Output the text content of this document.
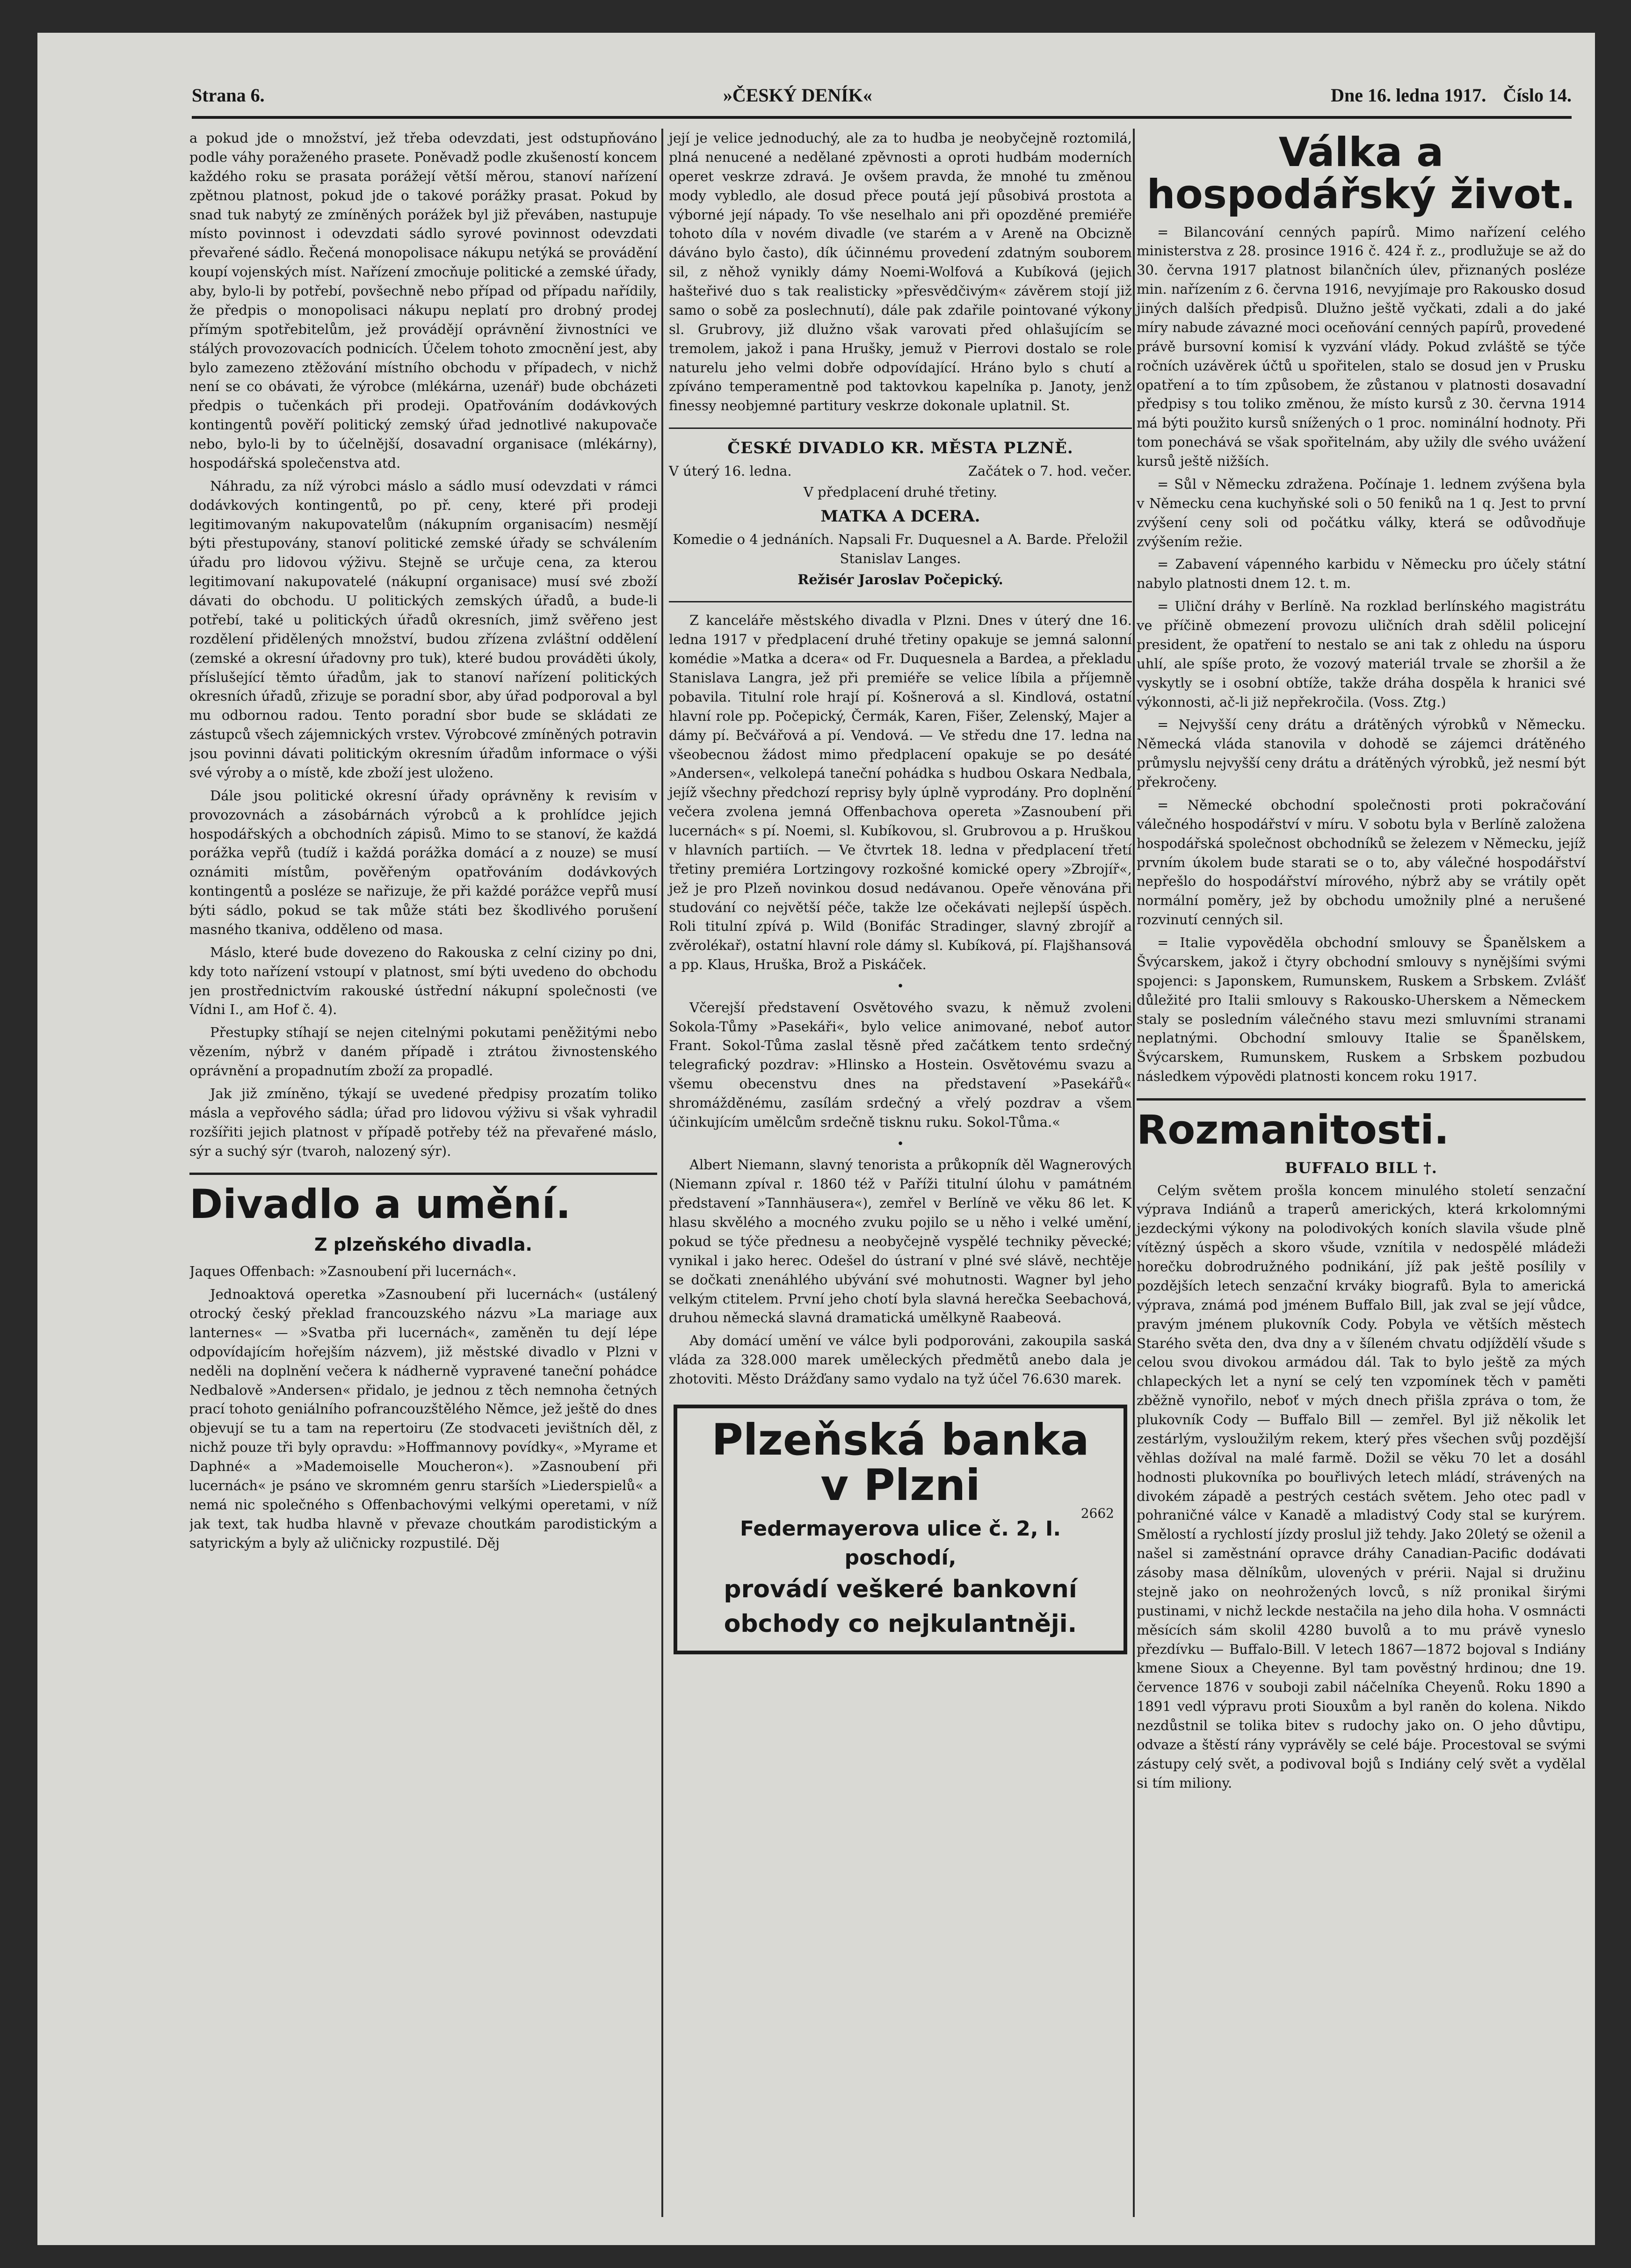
Strana 6.	»ČESKÝ DENÍK«	Dne 16. ledna 1917. Číslo 14.

a pokud jde o množství, jež třeba odevzdati, jest odstupňováno podle váhy poraženého prasete. Poněvadž podle zkušeností koncem každého roku se prasata porážejí větší měrou, stanoví nařízení zpětnou platnost, pokud jde o takové porážky prasat. Pokud by snad tuk nabytý ze zmíněných porážek byl již převáben, nastupuje místo povinnost i odevzdati sádlo syrové povinnost odevzdati převařené sádlo. Řečená monopolisace nákupu netýká se provádění koupí vojenských míst. Nařízení zmocňuje politické a zemské úřady, aby, bylo-li by potřebí, povšechně nebo případ od případu nařídily, že předpis o monopolisaci nákupu neplatí pro drobný prodej přímým spotřebitelům, jež provádějí oprávnění živnostníci ve stálých provozovacích podnicích. Účelem tohoto zmocnění jest, aby bylo zamezeno ztěžování místního obchodu v případech, v nichž není se co obávati, že výrobce (mlékárna, uzenář) bude obcházeti předpis o tučenkách při prodeji. Opatřováním dodávkových kontingentů pověří politický zemský úřad jednotlivé nakupovače nebo, bylo-li by to účelnější, dosavadní organisace (mlékárny), hospodářská společenstva atd.

Náhradu, za níž výrobci máslo a sádlo musí odevzdati v rámci dodávkových kontingentů, po př. ceny, které při prodeji legitimovaným nakupovatelům (nákupním organisacím) nesmějí býti přestupovány, stanoví politické zemské úřady se schválením úřadu pro lidovou výživu. Stejně se určuje cena, za kterou legitimovaní nakupovatelé (nákupní organisace) musí své zboží dávati do obchodu. U politických zemských úřadů, a bude-li potřebí, také u politických úřadů okresních, jimž svěřeno jest rozdělení přidělených množství, budou zřízena zvláštní oddělení (zemské a okresní úřadovny pro tuk), které budou prováděti úkoly, příslušející těmto úřadům, jak to stanoví nařízení politických okresních úřadů, zřizuje se poradní sbor, aby úřad podporoval a byl mu odbornou radou. Tento poradní sbor bude se skládati ze zástupců všech zájemnických vrstev. Výrobcové zmíněných potravin jsou povinni dávati politickým okresním úřadům informace o výši své výroby a o místě, kde zboží jest uloženo.

Dále jsou politické okresní úřady oprávněny k revisím v provozovnách a zásobárnách výrobců a k prohlídce jejich hospodářských a obchodních zápisů. Mimo to se stanoví, že každá porážka vepřů (tudíž i každá porážka domácí a z nouze) se musí oznámiti místům, pověřeným opatřováním dodávkových kontingentů a posléze se nařizuje, že při každé porážce vepřů musí býti sádlo, pokud se tak může státi bez škodlivého porušení masného tkaniva, odděleno od masa.

Máslo, které bude dovezeno do Rakouska z celní ciziny po dni, kdy toto nařízení vstoupí v platnost, smí býti uvedeno do obchodu jen prostřednictvím rakouské ústřední nákupní společnosti (ve Vídni I., am Hof č. 4).

Přestupky stíhají se nejen citelnými pokutami peněžitými nebo vězením, nýbrž v daném případě i ztrátou živnostenského oprávnění a propadnutím zboží za propadlé.

Jak již zmíněno, týkají se uvedené předpisy prozatím toliko másla a vepřového sádla; úřad pro lidovou výživu si však vyhradil rozšířiti jejich platnost v případě potřeby též na převařené máslo, sýr a suchý sýr (tvaroh, nalozený sýr).

Divadlo a umění.
Z plzeňského divadla.

Jaques Offenbach: »Zasnoubení při lucernách«.

Jednoaktová operetka »Zasnoubení při lucernách« (ustálený otrocký český překlad francouzského názvu »La mariage aux lanternes« — »Svatba při lucernách«, zaměněn tu dejí lépe odpovídajícím hořejším názvem), již městské divadlo v Plzni v neděli na doplnění večera k nádherně vypravené taneční pohádce Nedbalově »Andersen« přidalo, je jednou z těch nemnoha četných prací tohoto geniálního pofrancouzštělého Němce, jež ještě do dnes objevují se tu a tam na repertoiru (Ze stodvaceti jevištních děl, z nichž pouze tři byly opravdu: »Hoffmannovy povídky«, »Myrame et Daphné« a »Mademoiselle Moucheron«). »Zasnoubení při lucernách« je psáno ve skromném genru starších »Liederspielů« a nemá nic společného s Offenbachovými velkými operetami, v níž jak text, tak hudba hlavně v převaze choutkám parodistickým a satyrickým a byly až uličnicky rozpustilé. Děj

její je velice jednoduchý, ale za to hudba je neobyčejně roztomilá, plná nenucené a nedělané zpěvnosti a oproti hudbám moderních operet veskrze zdravá. Je ovšem pravda, že mnohé tu změnou mody vybledlo, ale dosud přece poutá její působivá prostota a výborné její nápady. To vše neselhalo ani při opozděné premiéře tohoto díla v novém divadle (ve starém a v Areně na Obcizně dáváno bylo často), dík účinnému provedení zdatným souborem sil, z něhož vynikly dámy Noemi-Wolfová a Kubíková (jejich hašteřivé duo s tak realisticky »přesvědčivým« závěrem stojí již samo o sobě za poslechnutí), dále pak zdařile pointované výkony sl. Grubrovy, již dlužno však varovati před ohlašujícím se tremolem, jakož i pana Hrušky, jemuž v Pierrovi dostalo se role naturelu jeho velmi dobře odpovídající. Hráno bylo s chutí a zpíváno temperamentně pod taktovkou kapelníka p. Janoty, jenž finessy neobjemné partitury veskrze dokonale uplatnil. St.

ČESKÉ DIVADLO KR. MĚSTA PLZNĚ.
V úterý 16. ledna.	Začátek o 7. hod. večer.
V předplacení druhé třetiny.
MATKA A DCERA.
Komedie o 4 jednáních. Napsali Fr. Duquesnel a A. Barde. Přeložil Stanislav Langes.
Režisér Jaroslav Počepický.

Z kanceláře městského divadla v Plzni. Dnes v úterý dne 16. ledna 1917 v předplacení druhé třetiny opakuje se jemná salonní komédie »Matka a dcera« od Fr. Duquesnela a Bardea, a překladu Stanislava Langra, jež při premiéře se velice líbila a příjemně pobavila. Titulní role hrají pí. Košnerová a sl. Kindlová, ostatní hlavní role pp. Počepický, Čermák, Karen, Fišer, Zelenský, Majer a dámy pí. Bečvářová a pí. Vendová. — Ve středu dne 17. ledna na všeobecnou žádost mimo předplacení opakuje se po desáté »Andersen«, velkolepá taneční pohádka s hudbou Oskara Nedbala, jejíž všechny předchozí reprisy byly úplně vyprodány. Pro doplnění večera zvolena jemná Offenbachova opereta »Zasnoubení při lucernách« s pí. Noemi, sl. Kubíkovou, sl. Grubrovou a p. Hruškou v hlavních partiích. — Ve čtvrtek 18. ledna v předplacení třetí třetiny premiéra Lortzingovy rozkošné komické opery »Zbrojíř«, jež je pro Plzeň novinkou dosud nedávanou. Opeře věnována při studování co největší péče, takže lze očekávati nejlepší úspěch. Roli titulní zpívá p. Wild (Bonifác Stradinger, slavný zbrojíř a zvěrolékař), ostatní hlavní role dámy sl. Kubíková, pí. Flajšhansová a pp. Klaus, Hruška, Brož a Piskáček.

•

Včerejší představení Osvětového svazu, k němuž zvoleni Sokola-Tůmy »Pasekáři«, bylo velice animované, neboť autor Frant. Sokol-Tůma zaslal těsně před začátkem tento srdečný telegrafický pozdrav: »Hlinsko a Hostein. Osvětovému svazu a všemu obecenstvu dnes na představení »Pasekářů« shromážděnému, zasílám srdečný a vřelý pozdrav a všem účinkujícím umělcům srdečně tisknu ruku. Sokol-Tůma.«

•

Albert Niemann, slavný tenorista a průkopník děl Wagnerových (Niemann zpíval r. 1860 též v Paříži titulní úlohu v památném představení »Tannhäusera«), zemřel v Berlíně ve věku 86 let. K hlasu skvělého a mocného zvuku pojilo se u něho i velké umění, pokud se týče přednesu a neobyčejně vyspělé techniky pěvecké; vynikal i jako herec. Odešel do ústraní v plné své slávě, nechtěje se dočkati znenáhlého ubývání své mohutnosti. Wagner byl jeho velkým ctitelem. První jeho chotí byla slavná herečka Seebachová, druhou německá slavná dramatická umělkyně Raabeová.

Aby domácí umění ve válce byli podporováni, zakoupila saská vláda za 328.000 marek uměleckých předmětů anebo dala je zhotoviti. Město Drážďany samo vydalo na tyž účel 76.630 marek.

Plzeňská banka
v Plzni
2662
Federmayerova ulice č. 2, I. poschodí,
provádí veškeré bankovní
obchody co nejkulantněji.
Válka a hospodářský život.

= Bilancování cenných papírů. Mimo nařízení celého ministerstva z 28. prosince 1916 č. 424 ř. z., prodlužuje se až do 30. června 1917 platnost bilančních úlev, přiznaných posléze min. nařízením z 6. června 1916, nevyjímaje pro Rakousko dosud jiných dalších předpisů. Dlužno ještě vyčkati, zdali a do jaké míry nabude závazné moci oceňování cenných papírů, provedené právě bursovní komisí k vyzvání vlády. Pokud zvláště se týče ročních uzávěrek účtů u spořitelen, stalo se dosud jen v Prusku opatření a to tím způsobem, že zůstanou v platnosti dosavadní předpisy s tou toliko změnou, že místo kursů z 30. června 1914 má býti použito kursů snížených o 1 proc. nominální hodnoty. Při tom ponechává se však spořitelnám, aby užily dle svého uvážení kursů ještě nižších.

= Sůl v Německu zdražena. Počínaje 1. lednem zvýšena byla v Německu cena kuchyňské soli o 50 feniků na 1 q. Jest to první zvýšení ceny soli od počátku války, která se odůvodňuje zvýšením režie.

= Zabavení vápenného karbidu v Německu pro účely státní nabylo platnosti dnem 12. t. m.

= Uliční dráhy v Berlíně. Na rozklad berlínského magistrátu ve příčině obmezení provozu uličních drah sdělil policejní president, že opatření to nestalo se ani tak z ohledu na úsporu uhlí, ale spíše proto, že vozový materiál trvale se zhoršil a že vyskytly se i osobní obtíže, takže dráha dospěla k hranici své výkonnosti, ač-li již nepřekročila. (Voss. Ztg.)

= Nejvyšší ceny drátu a drátěných výrobků v Německu. Německá vláda stanovila v dohodě se zájemci drátěného průmyslu nejvyšší ceny drátu a drátěných výrobků, jež nesmí být překročeny.

= Německé obchodní společnosti proti pokračování válečného hospodářství v míru. V sobotu byla v Berlíně založena hospodářská společnost obchodníků se železem v Německu, jejíž prvním úkolem bude starati se o to, aby válečné hospodářství nepřešlo do hospodářství mírového, nýbrž aby se vrátily opět normální poměry, jež by obchodu umožnily plné a nerušené rozvinutí cenných sil.

= Italie vypověděla obchodní smlouvy se Španělskem a Švýcarskem, jakož i čtyry obchodní smlouvy s nynějšími svými spojenci: s Japonskem, Rumunskem, Ruskem a Srbskem. Zvlášť důležité pro Italii smlouvy s Rakousko-Uherskem a Německem staly se posledním válečného stavu mezi smluvními stranami neplatnými. Obchodní smlouvy Italie se Španělskem, Švýcarskem, Rumunskem, Ruskem a Srbskem pozbudou následkem výpovědi platnosti koncem roku 1917.

Rozmanitosti.
BUFFALO BILL †.

Celým světem prošla koncem minulého století senzační výprava Indiánů a traperů amerických, která krkolomnými jezdeckými výkony na polodivokých koních slavila všude plně vítězný úspěch a skoro všude, vznítila v nedospělé mládeži horečku dobrodružného podnikání, jíž pak ještě posílily v pozdějších letech senzační krváky biografů. Byla to americká výprava, známá pod jménem Buffalo Bill, jak zval se její vůdce, pravým jménem plukovník Cody. Pobyla ve větších městech Starého světa den, dva dny a v šíleném chvatu odjíždělí všude s celou svou divokou armádou dál. Tak to bylo ještě za mých chlapeckých let a nyní se celý ten vzpomínek těch v paměti zběžně vynořilo, neboť v mých dnech přišla zpráva o tom, že plukovník Cody — Buffalo Bill — zemřel. Byl již několik let zestárlým, vysloužilým rekem, který přes všechen svůj pozdější věhlas dožíval na malé farmě. Dožil se věku 70 let a dosáhl hodnosti plukovníka po bouřlivých letech mládí, strávených na divokém západě a pestrých cestách světem. Jeho otec padl v pohraničné válce v Kanadě a mladistvý Cody stal se kurýrem. Smělostí a rychlostí jízdy proslul již tehdy. Jako 20letý se oženil a našel si zaměstnání opravce dráhy Canadian-Pacific dodávati zásoby masa dělníkům, ulovených v prérii. Najal si družinu stejně jako on neohrožených lovců, s níž pronikal širými pustinami, v nichž leckde nestačila na jeho dila hoha. V osmnácti měsících sám skolil 4280 buvolů a to mu právě vyneslo přezdívku — Buffalo-Bill. V letech 1867—1872 bojoval s Indiány kmene Sioux a Cheyenne. Byl tam pověstný hrdinou; dne 19. července 1876 v souboji zabil náčelníka Cheyenů. Roku 1890 a 1891 vedl výpravu proti Siouxům a byl raněn do kolena. Nikdo nezdůstnil se tolika bitev s rudochy jako on. O jeho důvtipu, odvaze a štěstí rány vyprávěly se celé báje. Procestoval se svými zástupy celý svět, a podivoval bojů s Indiány celý svět a vydělal si tím miliony.
